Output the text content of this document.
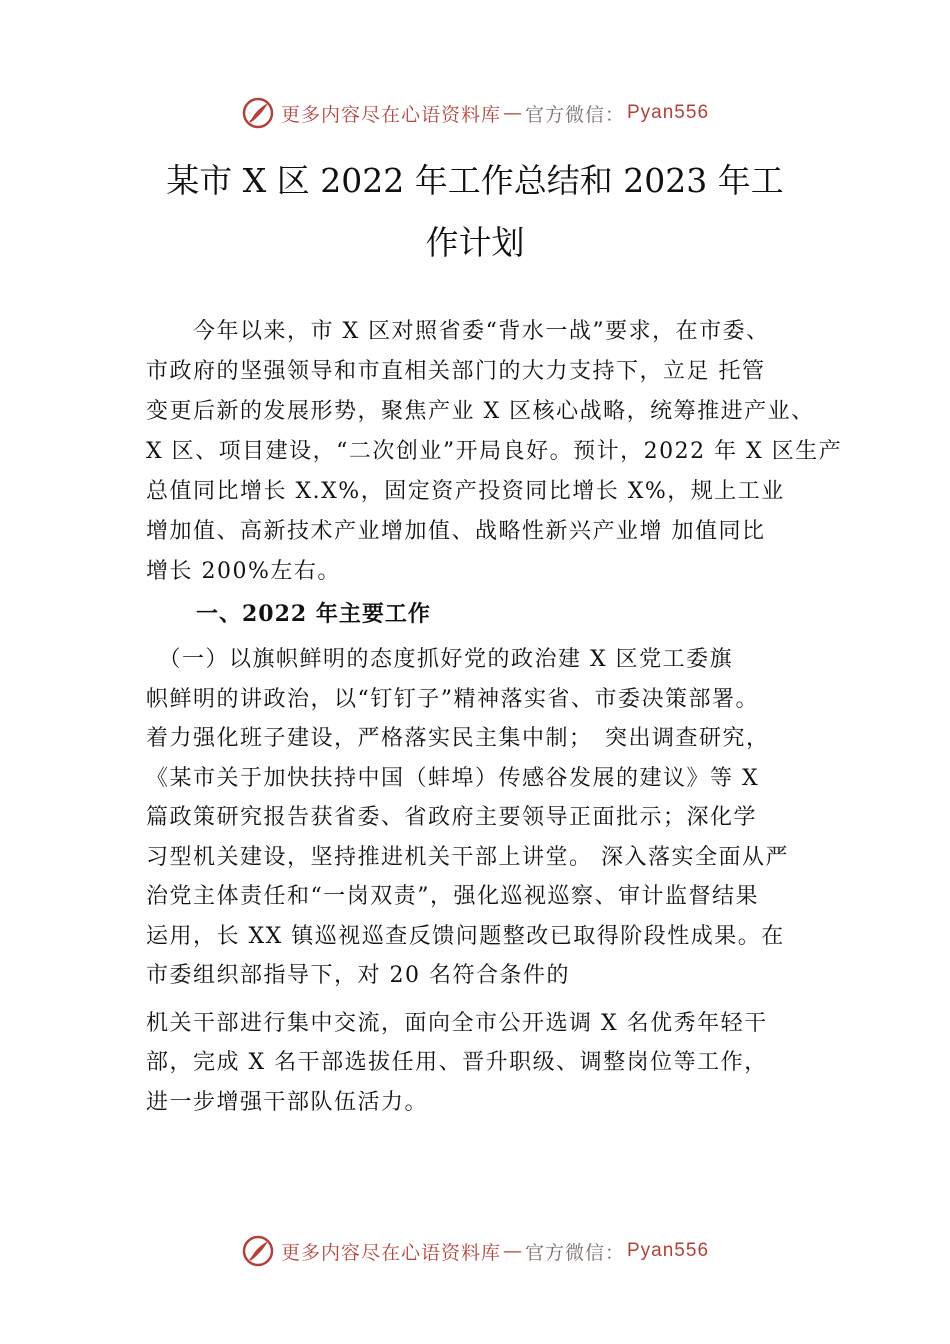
更多内容尽在心语资料库 — 官方微信： Pyan556
某市 X 区 2022 年工作总结和 2023 年工
作计划
　　今年以来，市 X 区对照省委“背水一战”要求，在市委、
市政府的坚强领导和市直相关部门的大力支持下，立足 托管
变更后新的发展形势，聚焦产业 X 区核心战略，统筹推进产业、
X 区、项目建设，“二次创业”开局良好。预计，2022 年 X 区生产
总值同比增长 X.X%，固定资产投资同比增长 X%，规上工业
增加值、高新技术产业增加值、战略性新兴产业增 加值同比
增长 200%左右。
一、2022 年主要工作
　（一）以旗帜鲜明的态度抓好党的政治建 X 区党工委旗
帜鲜明的讲政治，以“钉钉子”精神落实省、市委决策部署。
着力强化班子建设，严格落实民主集中制；　突出调查研究，
《某市关于加快扶持中国（蚌埠）传感谷发展的建议》等 X
篇政策研究报告获省委、省政府主要领导正面批示；深化学
习型机关建设，坚持推进机关干部上讲堂。 深入落实全面从严
治党主体责任和“一岗双责”，强化巡视巡察、审计监督结果
运用，长 XX 镇巡视巡查反馈问题整改已取得阶段性成果。在
市委组织部指导下，对 20 名符合条件的
机关干部进行集中交流，面向全市公开选调 X 名优秀年轻干
部，完成 X 名干部选拔任用、晋升职级、调整岗位等工作，
进一步增强干部队伍活力。
更多内容尽在心语资料库 — 官方微信： Pyan556
